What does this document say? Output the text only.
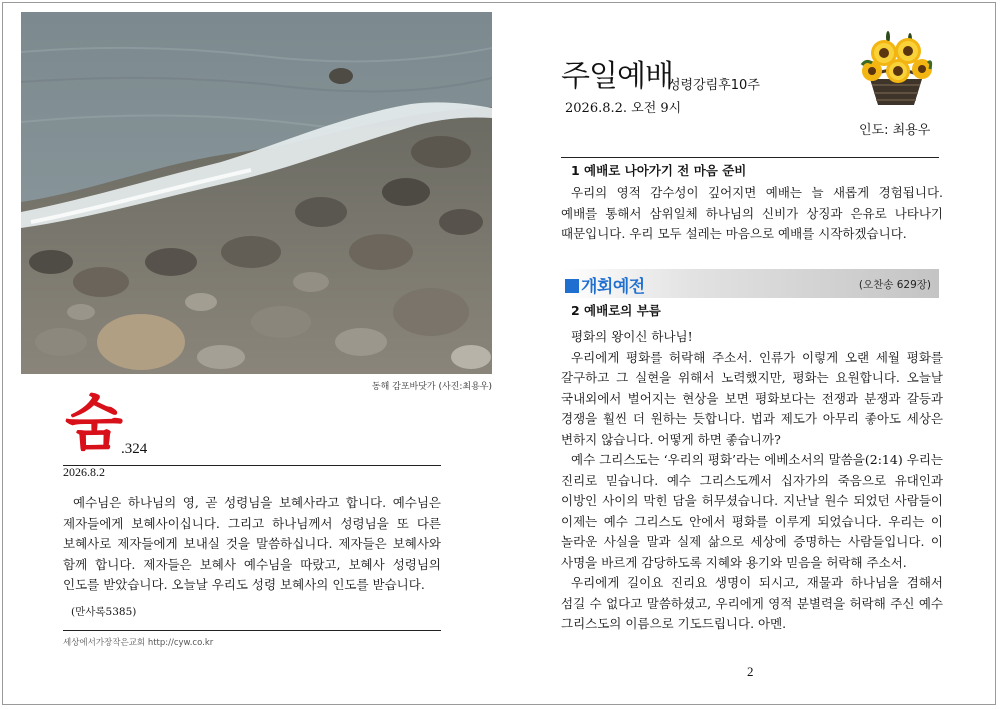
동해 감포바닷가 (사진:최용우)
숨 .324
2026.8.2

예수님은 하나님의 영, 곧 성령님을 보혜사라고 합니다. 예수님은 제자들에게 보혜사이십니다. 그리고 하나님께서 성령님을 또 다른 보혜사로 제자들에게 보내실 것을 말씀하십니다. 제자들은 보혜사와 함께 합니다. 제자들은 보혜사 예수님을 따랐고, 보혜사 성령님의 인도를 받았습니다. 오늘날 우리도 성령 보혜사의 인도를 받습니다.

(만사록5385)
세상에서가장작은교회 http://cyw.co.kr
주일예배
성령강림후10주
2026.8.2. 오전 9시
인도: 최용우
1 예배로 나아가기 전 마음 준비

우리의 영적 감수성이 깊어지면 예배는 늘 새롭게 경험됩니다. 예배를 통해서 삼위일체 하나님의 신비가 상징과 은유로 나타나기 때문입니다. 우리 모두 설레는 마음으로 예배를 시작하겠습니다.

개회예전	(오찬송 629장)
2 예배로의 부름

평화의 왕이신 하나님!

우리에게 평화를 허락해 주소서. 인류가 이렇게 오랜 세월 평화를 갈구하고 그 실현을 위해서 노력했지만, 평화는 요원합니다. 오늘날 국내외에서 벌어지는 현상을 보면 평화보다는 전쟁과 분쟁과 갈등과 경쟁을 훨씬 더 원하는 듯합니다. 법과 제도가 아무리 좋아도 세상은 변하지 않습니다. 어떻게 하면 좋습니까?

예수 그리스도는 ‘우리의 평화’라는 에베소서의 말씀을(2:14) 우리는 진리로 믿습니다. 예수 그리스도께서 십자가의 죽음으로 유대인과 이방인 사이의 막힌 담을 허무셨습니다. 지난날 원수 되었던 사람들이 이제는 예수 그리스도 안에서 평화를 이루게 되었습니다. 우리는 이 놀라운 사실을 말과 실제 삶으로 세상에 증명하는 사람들입니다. 이 사명을 바르게 감당하도록 지혜와 용기와 믿음을 허락해 주소서.

우리에게 길이요 진리요 생명이 되시고, 재물과 하나님을 겸해서 섬길 수 없다고 말씀하셨고, 우리에게 영적 분별력을 허락해 주신 예수 그리스도의 이름으로 기도드립니다. 아멘.

2
